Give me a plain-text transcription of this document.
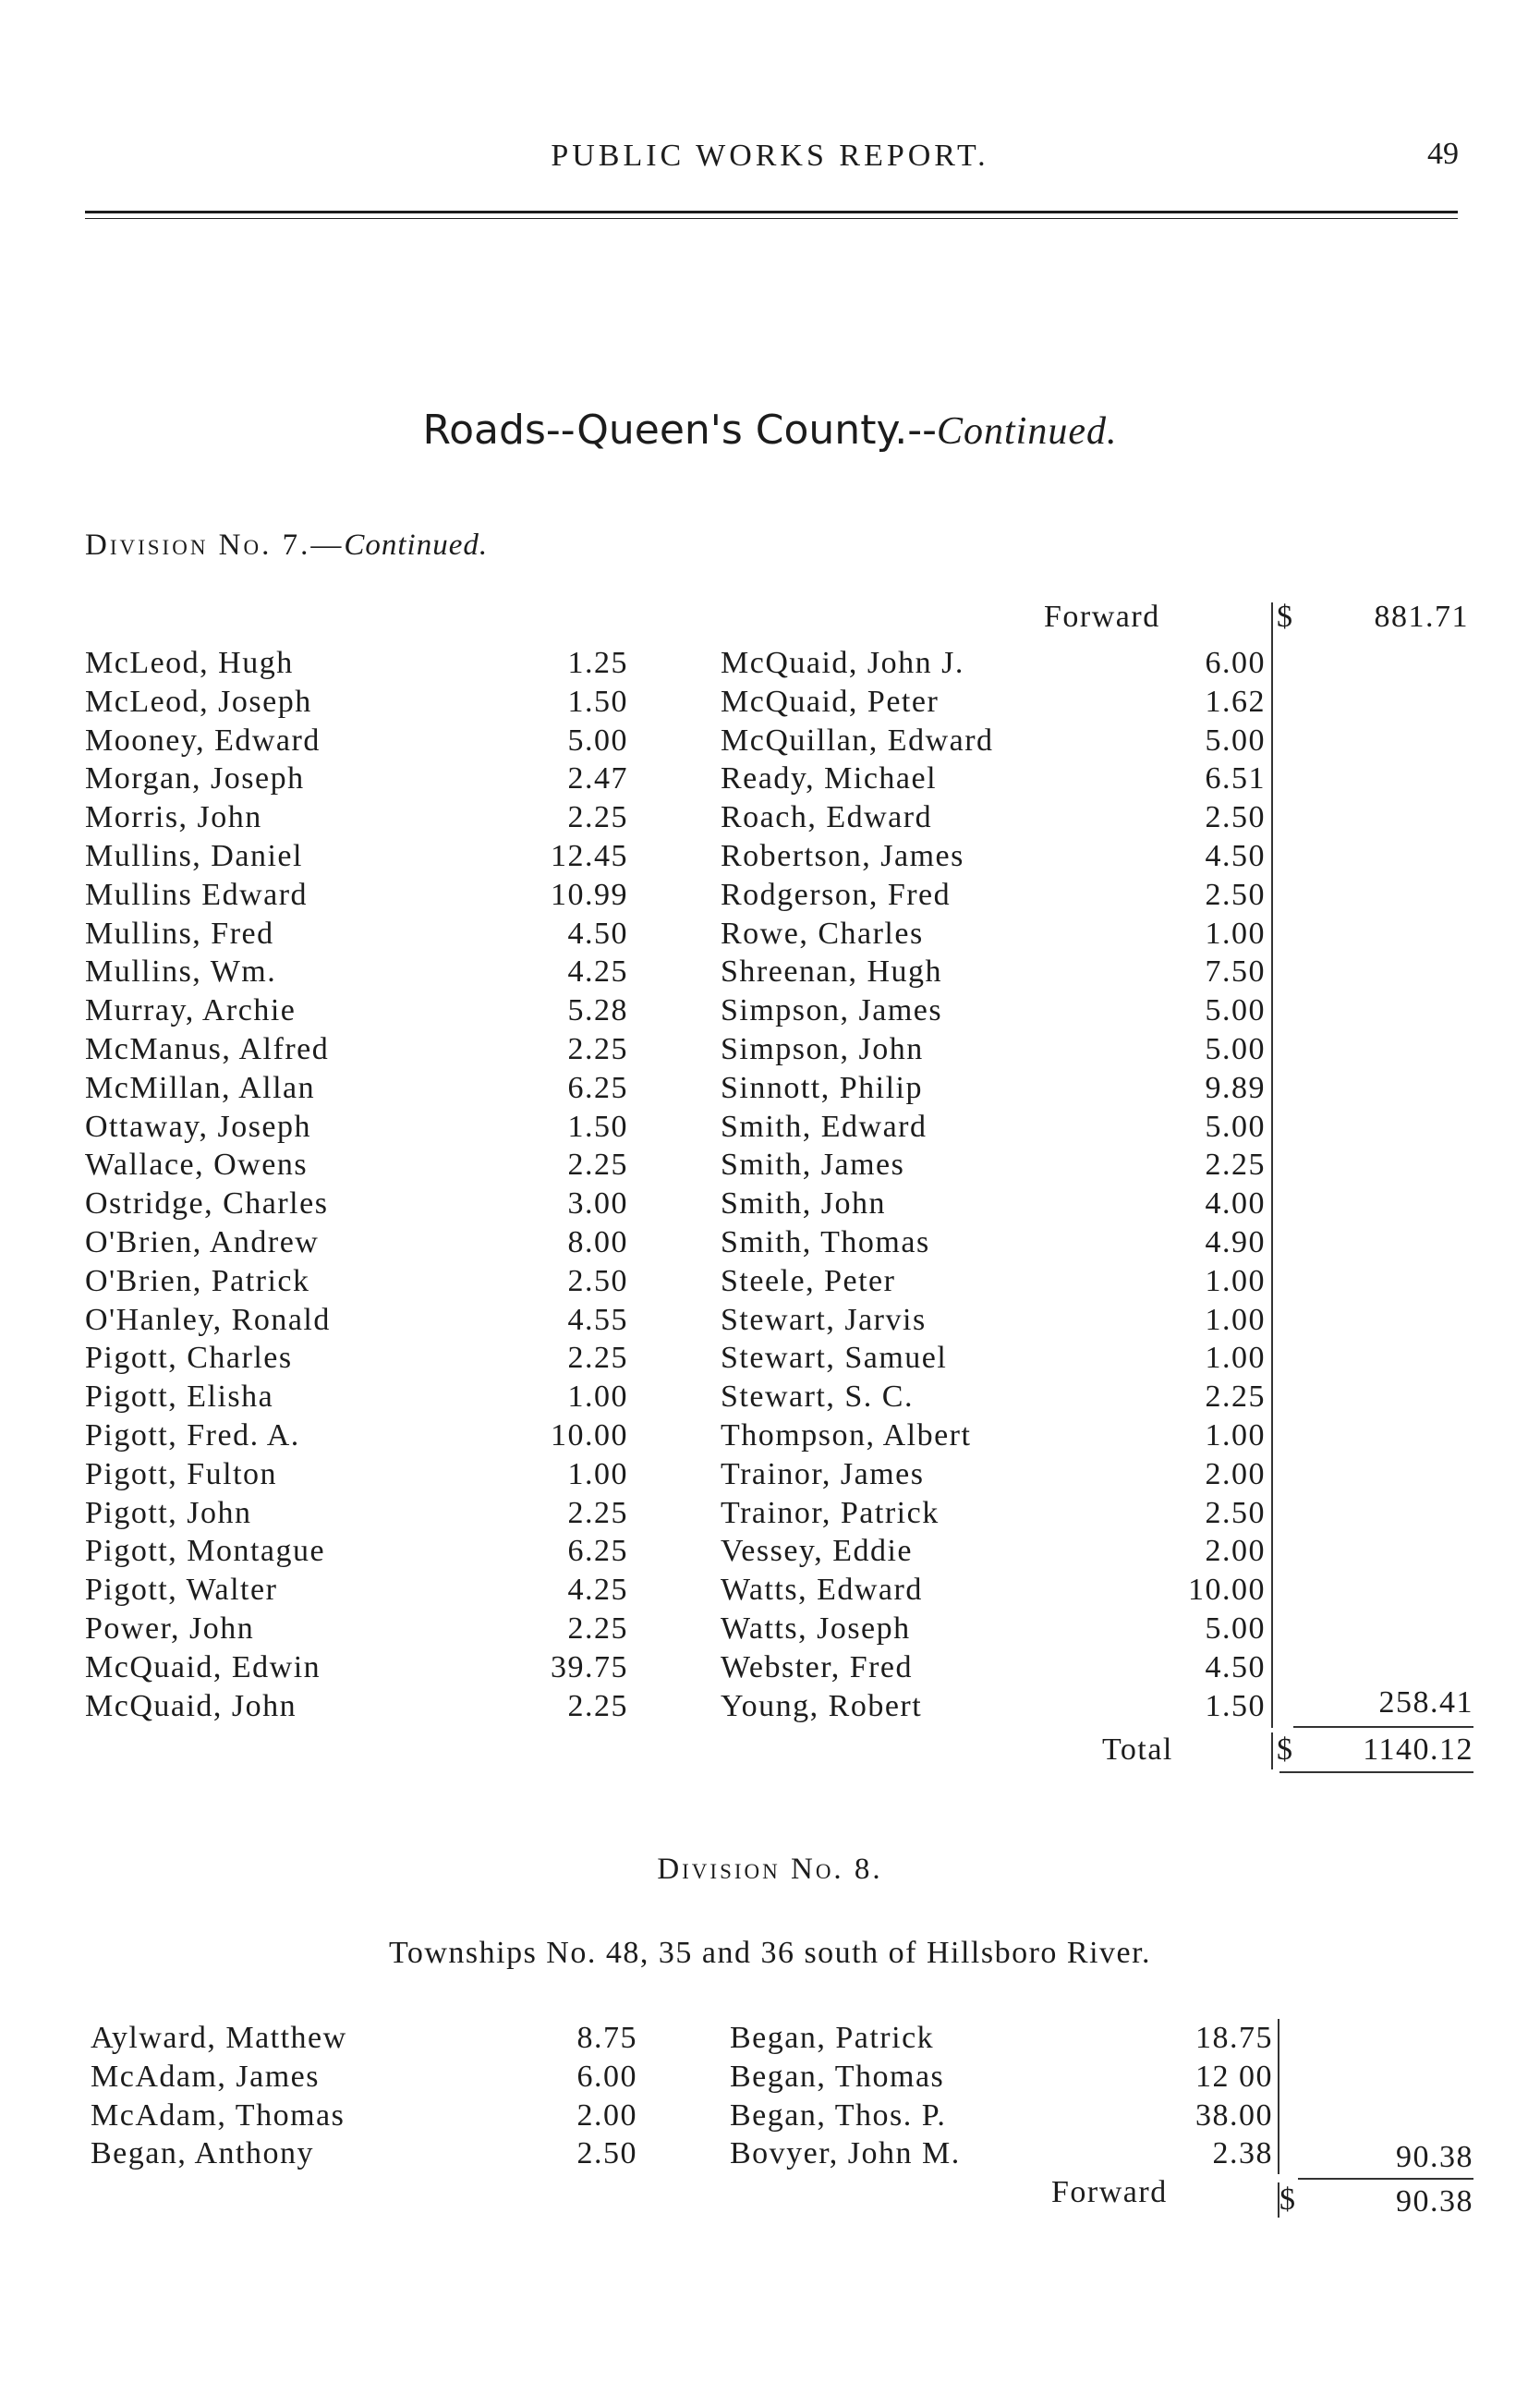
PUBLIC WORKS REPORT.	49
Roads--Queen's County.--Continued.
Division No. 7.—Continued.
Forward	$	881.71
McLeod, Hugh	1.25
McLeod, Joseph	1.50
Mooney, Edward	5.00
Morgan, Joseph	2.47
Morris, John	2.25
Mullins, Daniel	12.45
Mullins Edward	10.99
Mullins, Fred	4.50
Mullins, Wm.	4.25
Murray, Archie	5.28
McManus, Alfred	2.25
McMillan, Allan	6.25
Ottaway, Joseph	1.50
Wallace, Owens	2.25
Ostridge, Charles	3.00
O'Brien, Andrew	8.00
O'Brien, Patrick	2.50
O'Hanley, Ronald	4.55
Pigott, Charles	2.25
Pigott, Elisha	1.00
Pigott, Fred. A.	10.00
Pigott, Fulton	1.00
Pigott, John	2.25
Pigott, Montague	6.25
Pigott, Walter	4.25
Power, John	2.25
McQuaid, Edwin	39.75
McQuaid, John	2.25
McQuaid, John J.	6.00
McQuaid, Peter	1.62
McQuillan, Edward	5.00
Ready, Michael	6.51
Roach, Edward	2.50
Robertson, James	4.50
Rodgerson, Fred	2.50
Rowe, Charles	1.00
Shreenan, Hugh	7.50
Simpson, James	5.00
Simpson, John	5.00
Sinnott, Philip	9.89
Smith, Edward	5.00
Smith, James	2.25
Smith, John	4.00
Smith, Thomas	4.90
Steele, Peter	1.00
Stewart, Jarvis	1.00
Stewart, Samuel	1.00
Stewart, S. C.	2.25
Thompson, Albert	1.00
Trainor, James	2.00
Trainor, Patrick	2.50
Vessey, Eddie	2.00
Watts, Edward	10.00
Watts, Joseph	5.00
Webster, Fred	4.50
Young, Robert	1.50	258.41
Total	$	1140.12
Division No. 8.
Townships No. 48, 35 and 36 south of Hillsboro River.
Aylward, Matthew	8.75
McAdam, James	6.00
McAdam, Thomas	2.00
Began, Anthony	2.50
Began, Patrick	18.75
Began, Thomas	12 00
Began, Thos. P.	38.00
Bovyer, John M.	2.38	90.38
Forward	$	90.38
